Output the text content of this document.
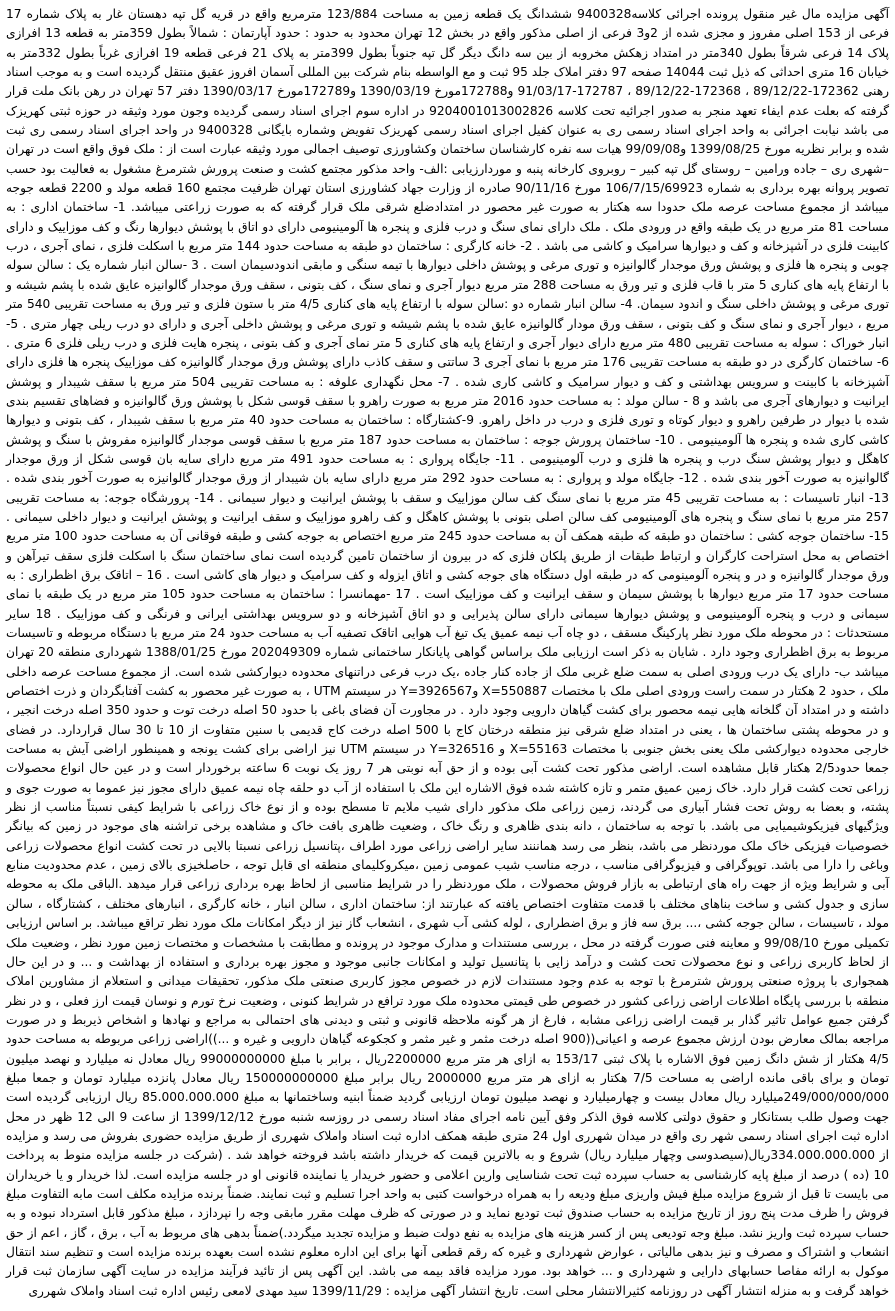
آگهی مزایده مال غیر منقول پرونده اجرائی کلاسه9400328 ششدانگ یک قطعه زمین به مساحت 123/884 مترمربع واقع در قریه گل تپه دهستان غار به پلاک شماره 17 فرعی از 153 اصلی مفروز و مجزی شده از 2و3 فرعی از اصلی مذکور واقع در بخش 12 تهران محدود به حدود : حدود آپارتمان : شمالاً بطول 359متر به قطعه 13 افرازی پلاک 14 فرعی شرقاً بطول 340متر در امتداد زهکش مخروبه از بین سه دانگ دیگر گل تپه جنوباً بطول 399متر به پلاک 21 فرعی قطعه 19 افرازی غرباً بطول 332متر به خیابان 16 متری احداثی که ذیل ثبت 14044 صفحه 97 دفتر املاک جلد 95 ثبت و مع الواسطه بنام شرکت بین المللی آسمان افروز عقیق منتقل گردیده است و به موجب اسناد رهنی 172362-89/12/22 ، 172368-89/12/22 ، 172787-91/03/17 و172788مورخ 1390/03/19 و172789مورخ 1390/03/17 دفتر 57 تهران در رهن بانک ملت قرار گرفته که بعلت عدم ایفاء تعهد منجر به صدور اجرائیه تحت کلاسه 9204001013002826 در اداره سوم اجرای اسناد رسمی گردیده وجون مورد وثیقه در حوزه ثبتی کهریزک می باشد نیابت اجرائی به واحد اجرای اسناد رسمی ری به عنوان کفیل اجرای اسناد رسمی کهریزک تفویض وشماره بایگانی 9400328 در واحد اجرای اسناد رسمی ری ثبت شده و برابر نظریه مورخ 1399/08/25 و99/09/08 هیات سه نفره کارشناسان ساختمان وکشاورزی توصیف اجمالی مورد وثیقه عبارت است از : ملک فوق واقع است در تهران –شهری ری – جاده ورامین – روستای گل تپه کبیر – روبروی کارخانه پنبه و موردارزیابی :الف- واحد مذکور مجتمع کشت و صنعت پرورش شترمرغ مشغول به فعالیت بود حسب تصویر پروانه بهره برداری به شماره 106/7/15/69923 مورخ 90/11/16 صادره از وزارت جهاد کشاورزی استان تهران ظرفیت مجتمع 160 قطعه مولد و 2200 قطعه جوجه میباشد از مجموع مساحت عرصه ملک حدودا سه هکتار به صورت غیر محصور در امتدادضلع شرقی ملک قرار گرفته که به صورت زراعتی میباشد. 1- ساختمان اداری : به مساحت 81 متر مربع در یک طبقه واقع در ورودی ملک . ملک دارای نمای سنگ و درب فلزی و پنجره ها آلومینیومی دارای دو اتاق با پوشش دیوارها رنگ و کف موزاییک و دارای کابینت فلزی در آشپزخانه و کف و دیوارها سرامیک و کاشی می باشد . 2- خانه کارگری : ساختمان دو طبقه به مساحت حدود 144 متر مربع با اسکلت فلزی ، نمای آجری ، درب چوبی و پنجره ها فلزی و پوشش ورق موجدار گالوانیزه و توری مرغی و پوشش داخلی دیوارها با تیمه سنگی و مابقی اندودسیمان است . 3 -سالن انبار شماره یک : سالن سوله با ارتفاع پایه های کناری 5 متر با قاب فلزی و تیر ورق به مساحت 288 متر مربع دیوار آجری و نمای سنگ ، کف بتونی ، سقف ورق موجدار گالوانیزه عایق شده با پشم شیشه و توری مرغی و پوشش داخلی سنگ و اندود سیمان. 4- سالن انبار شماره دو :سالن سوله با ارتفاع پایه های کناری 4/5 متر با ستون فلزی و تیر ورق به مساحت تقریبی 540 متر مربع ، دیوار آجری و نمای سنگ و کف بتونی ، سقف ورق مودار گالوانیزه عایق شده با پشم شیشه و توری مرغی و پوشش داخلی آجری و دارای دو درب ریلی چهار متری . 5- انبار خوراک : سوله به مساحت تقریبی 480 متر مربع دارای دیوار آجری و ارتفاع پایه های کناری 5 متر نمای آجری و کف بتونی ، پنجره هایت فلزی و درب ریلی فلزی 6 متری . 6- ساختمان کارگری در دو طبقه به مساحت تقریبی 176 متر مربع با نمای آجری 3 ساتتی و سقف کاذب دارای پوشش ورق موجدار گالوانیزه کف موزاییک پنجره ها فلزی دارای آشپزخانه با کابینت و سرویس بهداشتی و کف و دیوار سرامیک و کاشی کاری شده . 7- محل نگهداری علوفه : به مساحت تقریبی 504 متر مربع با سقف شیبدار و پوشش ایرانیت و دیوارهای آجری می باشد و 8 - سالن مولد : به مساحت حدود 2016 متر مربع به صورت راهرو با سقف قوسی شکل با پوشش ورق گالوانیزه و فضاهای تقسیم بندی شده با دیوار در طرفین راهرو و دیوار کوتاه و توری فلزی و درب در داخل راهرو. 9-کشتارگاه : ساختمان به مساحت حدود 40 متر مربع با سقف شیبدار ، کف بتونی و دیوارها کاشی کاری شده و پنجره ها آلومینیومی . 10- ساختمان پرورش جوجه : ساختمان به مساحت حدود 187 متر مربع با سقف قوسی موجدار گالوانیزه مفروش با سنگ و پوشش کاهگل و دیوار پوشش سنگ درب و پنجره ها فلزی و درب آلومینیومی . 11- جایگاه پرواری : به مساحت حدود 491 متر مربع دارای سایه بان قوسی شکل از ورق موجدار گالوانیزه به صورت آخور بندی شده . 12- جایگاه مولد و پرواری : به مساحت حدود 292 متر مربع دارای سایه بان شیبدار از ورق موجدار گالوانیزه به صورت آخور بندی شده . 13- انبار تاسیسات : به مساحت تقریبی 45 متر مربع با نمای سنگ کف سالن موزاییک و سقف با پوشش ایرانیت و دیوار سیمانی . 14- پرورشگاه جوجه: به مساحت تقریبی 257 متر مربع با نمای سنگ و پنجره های آلومینیومی کف سالن اصلی بتونی با پوشش کاهگل و کف راهرو موزاییک و سقف ایرانیت و پوشش ایرانیت و دیوار داخلی سیمانی . 15- ساختمان جوجه کشی : ساختمان دو طبقه که طبقه همکف آن به مساحت حدود 245 متر مربع اختصاص به جوجه کشی و طبقه فوقانی آن به مساحت حدود 100 متر مربع اختصاص به محل استراحت کارگران و ارتباط طبقات از طریق پلکان فلزی که در بیرون از ساختمان تامین گردیده است نمای ساختمان سنگ با اسکلت فلزی سقف تیرآهن و ورق موجدار گالوانیزه و در و پنجره آلومینومی که در طبقه اول دستگاه های جوجه کشی و اتاق ایزوله و کف سرامیک و دیوار های کاشی است . 16 – اتاقک برق اظطراری : به مساحت حدود 17 متر مربع دیوارها با پوشش سیمان و سقف ایرانیت و کف موزاییک است . 17 -مهمانسرا : ساختمان به مساحت حدود 105 متر مربع در یک طبقه با نمای سیمانی و درب و پنجره آلومینیومی و پوشش دیوارها سیمانی دارای سالن پذیرایی و دو اتاق آشپزخانه و دو سرویس بهداشتی ایرانی و فرنگی و کف موزاییک . 18 سایر مستحدثات : در محوطه ملک مورد نظر پارکینگ مسقف ، دو چاه آب نیمه عمیق یک تیغ آب هوایی اتاقک تصفیه آب به مساحت حدود 24 متر مربع با دستگاه مربوطه و تاسیسات مربوط به برق اظطراری وجود دارد . شایان به ذکر است ارزیابی ملک براساس گواهی پایانکار ساختمانی شماره 202049309 مورخ 1388/01/25 شهرداری منطقه 20 تهران میباشد ب- دارای یک درب ورودی اصلی به سمت ضلع غربی ملک از جاده کنار جاده ،یک درب فرعی دراتنهای محدوده دیوارکشی شده است. از مجموع مساحت عرصه داخلی ملک ، حدود 2 هکتار در سمت راست ورودی اصلی ملک با مختصات X=550887 وY=3926567 در سیستم UTM ، به صورت غیر محصور به کشت آفتابگردان و ذرت اختصاص داشته و در امتداد آن گلخانه هایی نیمه محصور برای کشت گیاهان دارویی وجود دارد . در مجاورت آن فضای باغی با حدود 50 اصله درخت توت و حدود 350 اصله درخت انجیر ، و در محوطه پشتی ساختمان ها ، یعنی در امتداد ضلع شرقی نیز منطقه درختان کاج با 500 اصله درخت کاج قدیمی با سنین متفاوت از 10 تا 30 سال قراردارد. در فضای خارجی محدوده دیوارکشی ملک یعنی بخش جنوبی با مختصات X=55163 و Y=326516 در سیستم UTM نیز اراضی برای کشت یونجه و همینطور اراضی آیش به مساحت جمعا حدود2/5 هکتار قابل مشاهده است. اراضی مذکور تحت کشت آبی بوده و از حق آبه نوبتی هر 7 روز یک نوبت 6 ساعته برخوردار است و در عین حال انواع محصولات زراعی تحت کشت قرار دارد. خاک زمین عمیق متمر و تازه کاشته شده فوق الاشاره این ملک با استفاده از آب دو حلقه چاه نیمه عمیق دارای مجوز نیز عموما به صورت جوی و پشته، و بعضا به روش تحت فشار آبیاری می گردند، زمین زراعی ملک مذکور دارای شیب ملایم تا مسطح بوده و از نوع خاک زراعی با شرایط کیفی نسبتاً مناسب از نظر ویژگیهای فیزیکوشیمیایی می باشد. با توجه به ساختمان ، دانه بندی ظاهری و رنگ خاک ، وضعیت ظاهری بافت خاک و مشاهده برخی تراشنه های موجود در زمین که بیانگر خصوصیات فیزیکی خاک ملک موردنظر می باشد، بنظر می رسد هماننند سایر اراضی زراعی مورد اطراف ،پتانسیل زراعی نسبتا بالایی در تحت کشت انواع محصولات زراعی وباغی را دارا می باشد. توپوگرافی و فیزیوگرافی مناسب ، درجه مناسب شیب عمومی زمین ،میکروکلیمای منطقه ای قابل توجه ، حاصلخیزی بالای زمین ، عدم محدودیت منابع آبی و شرایط ویژه از جهت راه های ارتباطی به بازار فروش محصولات ، ملک موردنظر را در شرایط مناسبی از لحاظ بهره برداری زراعی قرار میدهد .الباقی ملک به محوطه سازی و جدول کشی و ساخت بناهای مختلف با قدمت متفاوت اختصاص یافته که عبارتند از: ساختمان اداری ، سالن انبار ، خانه کارگری ، انبارهای مختلف ، کشتارگاه ، سالن مولد ، تاسیسات ، سالن جوجه کشی ،... برق سه فاز و برق اضطراری ، لوله کشی آب شهری ، انشعاب گاز نیز از دیگر امکانات ملک مورد نظر تراقع میباشد. بر اساس ارزیابی تکمیلی مورخ 99/08/10 و معاینه فنی صورت گرفته در محل ، بررسی مستندات و مدارک موجود در پرونده و مطابقت با مشخصات و مختصات زمین مورد نظر ، وضعیت ملک از لحاظ کاربری زراعی و نوع محصولات تحت کشت و درآمد زایی با پتانسیل تولید و امکانات جانبی موجود و مجوز بهره برداری و استفاده از بهداشت و ... و در این حال همجواری با پروژه صنعتی پرورش شترمرغ با توجه به عدم وجود مستندات لازم در خصوص مجوز کاربری صنعتی ملک مذکور، تحقیقات میدانی و استعلام از مشاورین املاک منطقه با بررسی پایگاه اطلاعات اراضی زراعی کشور در خصوص طی قیمتی محدوده ملک مورد ترافع در شرایط کنونی ، وضعیت نرخ تورم و نوسان قیمت ارز فعلی ، و در نظر گرفتن جمیع عوامل تاثیر گذار بر قیمت اراضی زراعی مشابه ، فارغ از هر گونه ملاحظه قانونی و ثبتی و دیدنی های احتمالی به مراجع و نهادها و اشخاص ذیربط و در صورت مراجعه بمالک معارض بودن ارزش مجموع عرصه و اعیانی((900 اصله درخت مثمر و غیر مثمر و کجکوعه گیاهان دارویی و غیره و ...))اراضی زراعی مربوطه به مساحت حدود 4/5 هکتار از شش دانگ زمین فوق الاشاره با پلاک ثبتی 153/17 به ازای هر متر مربع 2200000ریال ، برابر با مبلغ 99000000000 ریال معادل نه میلیارد و نهصد میلیون تومان و برای باقی مانده اراضی به مساحت 7/5 هکتار به ازای هر متر مربع 2000000 ریال برابر مبلغ 150000000000 ریال معادل پانزده میلیارد تومان و جمعا مبلغ 249/000/000/000میلیارد ریال معادل بیست و چهارمیلیارد و نهصد میلیون تومان ارزیابی گردید ضمناً ابنیه وساختمانها به مبلغ 85.000.000.000 ریال ارزیابی گردیده است جهت وصول طلب بستانکار و حقوق دولتی کلاسه فوق الذکر وفق آیین نامه اجرای مفاد اسناد رسمی در روزسه شنبه مورخ 1399/12/12 از ساعت 9 الی 12 ظهر در محل اداره ثبت اجرای اسناد رسمی شهر ری واقع در میدان شهرری اول 24 متری طبقه همکف اداره ثبت اسناد واملاک شهرری از طریق مزایده حضوری بفروش می رسد و مزایده از 334.000.000.000ریال(سیصدوسی وچهار میلیارد ریال) شروع و به بالاترین قیمت که خریدار داشته باشد فروخته خواهد شد . (شرکت در جلسه مزایده منوط به پرداخت 10 (ده ) درصد از مبلغ پایه کارشناسی به حساب سپرده ثبت تحت شناسایی وارین اعلامی و حضور خریدار یا نماینده قانونی او در جلسه مزایده است. لذا خریدار و یا خریداران می بایست تا قبل از شروع مزایده مبلغ فیش واریزی مبلغ ودیعه را به همراه درخواست کتبی به واحد اجرا تسلیم و ثبت نمایند. ضمناً برنده مزایده مکلف است مابه التفاوت مبلغ فروش را ظرف مدت پنج روز از تاریخ مزایده به حساب صندوق ثبت تودیع نماید و در صورتی که ظرف مهلت مقرر مابقی وجه را نپردازد ، مبلغ مذکور قابل استرداد نبوده و به حساب سپرده ثبت واریز نشد. مبلغ وجه تودیعی پس از کسر هزینه های مزایده به نفع دولت ضبط و مزایده تجدید میگردد.)ضمناً بدهی های مربوط به آب ، برق ، گاز ، اعم از حق انشعاب و اشتراک و مصرف و نیز بدهی مالیاتی ، عوارض شهرداری و غیره که رقم قطعی آنها برای این اداره معلوم نشده است بعهده برنده مزایده است و تنظیم سند انتقال موکول به ارائه مفاصا حسابهای دارایی و شهرداری و ... خواهد بود. مورد مزایده فاقد بیمه می باشد. این آگهی پس از تائید فرآیند مزایده در سایت آگهی سازمان ثبت قرار خواهد گرفت و به منزله انتشار آگهی در روزنامه کثیرالانتشار محلی است. تاریخ انتشار آگهی مزایده : 1399/11/29 سید مهدی لامعی رئیس اداره ثبت اسناد واملاک شهرری
